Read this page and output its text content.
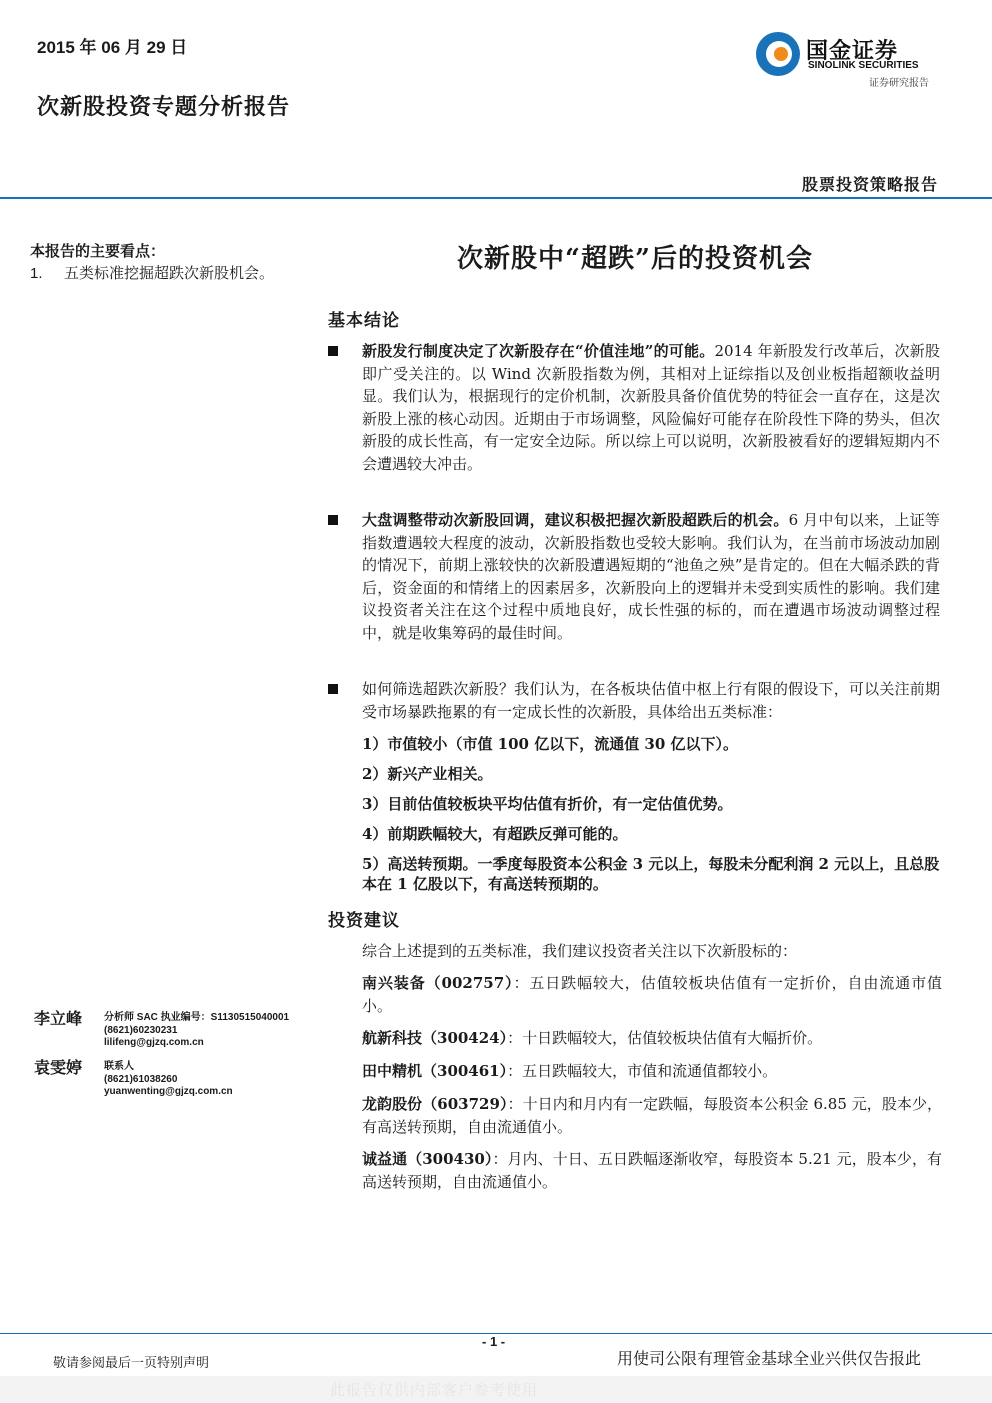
2015 年 06 月 29 日
次新股投资专题分析报告
国金证券
SINOLINK SECURITIES
证券研究报告
股票投资策略报告
本报告的主要看点：
1. 五类标准挖掘超跌次新股机会。	次新股中“超跌”后的投资机会
基本结论
新股发行制度决定了次新股存在“价值洼地”的可能。2014 年新股发行改革后，次新股即广受关注的。以 Wind 次新股指数为例，其相对上证综指以及创业板指超额收益明显。我们认为，根据现行的定价机制，次新股具备价值优势的特征会一直存在，这是次新股上涨的核心动因。近期由于市场调整，风险偏好可能存在阶段性下降的势头，但次新股的成长性高，有一定安全边际。所以综上可以说明，次新股被看好的逻辑短期内不会遭遇较大冲击。
大盘调整带动次新股回调，建议积极把握次新股超跌后的机会。6 月中旬以来，上证等指数遭遇较大程度的波动，次新股指数也受较大影响。我们认为，在当前市场波动加剧的情况下，前期上涨较快的次新股遭遇短期的“池鱼之殃”是肯定的。但在大幅杀跌的背后，资金面的和情绪上的因素居多，次新股向上的逻辑并未受到实质性的影响。我们建议投资者关注在这个过程中质地良好，成长性强的标的，而在遭遇市场波动调整过程中，就是收集筹码的最佳时间。
如何筛选超跌次新股？我们认为，在各板块估值中枢上行有限的假设下，可以关注前期受市场暴跌拖累的有一定成长性的次新股，具体给出五类标准：
1）市值较小（市值 100 亿以下，流通值 30 亿以下）。
2）新兴产业相关。
3）目前估值较板块平均估值有折价，有一定估值优势。
4）前期跌幅较大，有超跌反弹可能的。
5）高送转预期。一季度每股资本公积金 3 元以上，每股未分配利润 2 元以上，且总股本在 1 亿股以下，有高送转预期的。
投资建议
综合上述提到的五类标准，我们建议投资者关注以下次新股标的：
南兴装备（002757）：五日跌幅较大，估值较板块估值有一定折价，自由流通市值小。
航新科技（300424）：十日跌幅较大，估值较板块估值有大幅折价。
田中精机（300461）：五日跌幅较大，市值和流通值都较小。
龙韵股份（603729）：十日内和月内有一定跌幅，每股资本公积金 6.85 元，股本少，有高送转预期，自由流通值小。
诚益通（300430）：月内、十日、五日跌幅逐渐收窄，每股资本 5.21 元，股本少，有高送转预期，自由流通值小。
李立峰 分析师 SAC 执业编号：S1130515040001
(8621)60230231
lilifeng@gjzq.com.cn
袁雯婷 联系人
(8621)61038260
yuanwenting@gjzq.com.cn
- 1 -
敬请参阅最后一页特别声明	用使司公限有理管金基球全业兴供仅告报此
此报告仅供内部客户参考使用
